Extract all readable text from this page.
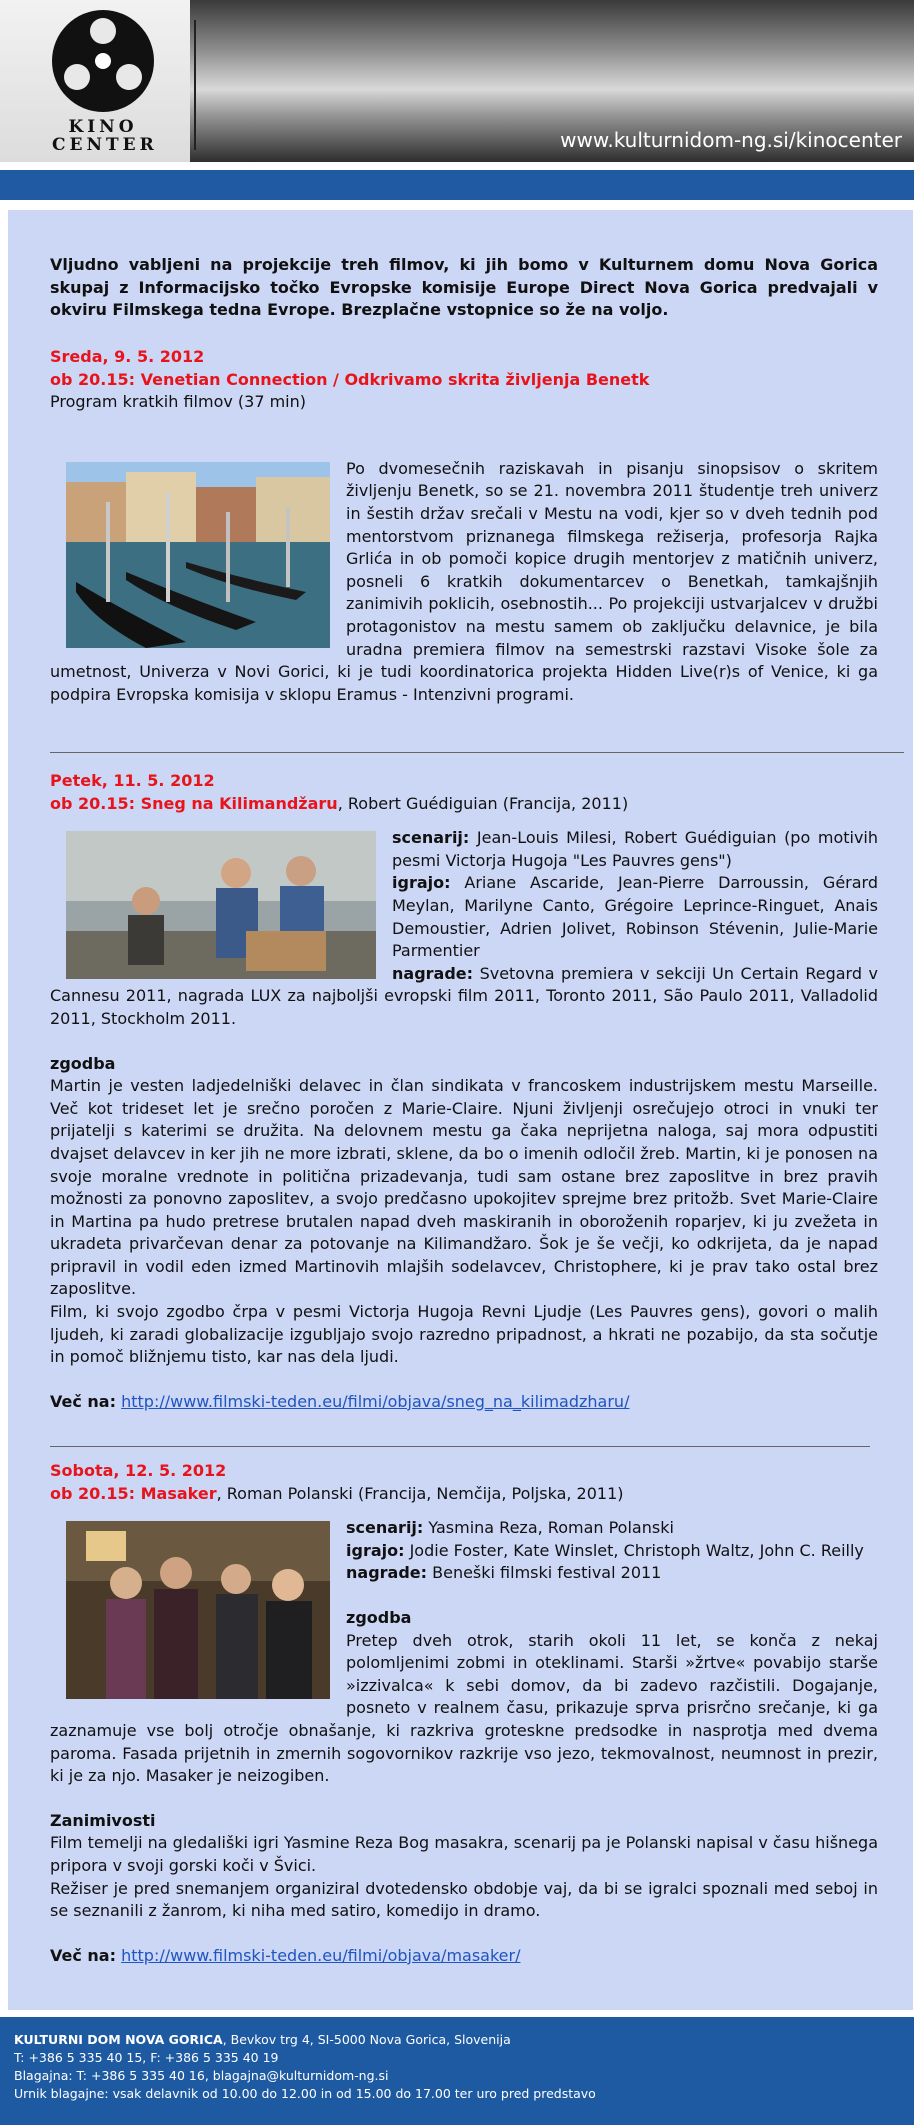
KINO
CENTER	www.kulturnidom-ng.si/kinocenter
Vljudno vabljeni na projekcije treh filmov, ki jih bomo v Kulturnem domu Nova Gorica skupaj z Informacijsko točko Evropske komisije Europe Direct Nova Gorica predvajali v okviru Filmskega tedna Evrope. Brezplačne vstopnice so že na voljo.
Sreda, 9. 5. 2012
ob 20.15: Venetian Connection / Odkrivamo skrita življenja Benetk
Program kratkih filmov (37 min)
Po dvomesečnih raziskavah in pisanju sinopsisov o skritem življenju Benetk, so se 21. novembra 2011 študentje treh univerz in šestih držav srečali v Mestu na vodi, kjer so v dveh tednih pod mentorstvom priznanega filmskega režiserja, profesorja Rajka Grlića in ob pomoči kopice drugih mentorjev z matičnih univerz, posneli 6 kratkih dokumentarcev o Benetkah, tamkajšnjih zanimivih poklicih, osebnostih... Po projekciji ustvarjalcev v družbi protagonistov na mestu samem ob zaključku delavnice, je bila uradna premiera filmov na semestrski razstavi Visoke šole za umetnost, Univerza v Novi Gorici, ki je tudi koordinatorica projekta Hidden Live(r)s of Venice, ki ga podpira Evropska komisija v sklopu Eramus - Intenzivni programi.
Petek, 11. 5. 2012
ob 20.15: Sneg na Kilimandžaru, Robert Guédiguian (Francija, 2011)

scenarij: Jean-Louis Milesi, Robert Guédiguian (po motivih pesmi Victorja Hugoja "Les Pauvres gens")

igrajo: Ariane Ascaride, Jean-Pierre Darroussin, Gérard Meylan, Marilyne Canto, Grégoire Leprince-Ringuet, Anais Demoustier, Adrien Jolivet, Robinson Stévenin, Julie-Marie Parmentier

nagrade: Svetovna premiera v sekciji Un Certain Regard v Cannesu 2011, nagrada LUX za najboljši evropski film 2011, Toronto 2011, São Paulo 2011, Valladolid 2011, Stockholm 2011.

zgodba

Martin je vesten ladjedelniški delavec in član sindikata v francoskem industrijskem mestu Marseille. Več kot trideset let je srečno poročen z Marie-Claire. Njuni življenji osrečujejo otroci in vnuki ter prijatelji s katerimi se družita. Na delovnem mestu ga čaka neprijetna naloga, saj mora odpustiti dvajset delavcev in ker jih ne more izbrati, sklene, da bo o imenih odločil žreb. Martin, ki je ponosen na svoje moralne vrednote in politična prizadevanja, tudi sam ostane brez zaposlitve in brez pravih možnosti za ponovno zaposlitev, a svojo predčasno upokojitev sprejme brez pritožb. Svet Marie-Claire in Martina pa hudo pretrese brutalen napad dveh maskiranih in oboroženih roparjev, ki ju zvežeta in ukradeta privarčevan denar za potovanje na Kilimandžaro. Šok je še večji, ko odkrijeta, da je napad pripravil in vodil eden izmed Martinovih mlajših sodelavcev, Christophere, ki je prav tako ostal brez zaposlitve.

Film, ki svojo zgodbo črpa v pesmi Victorja Hugoja Revni Ljudje (Les Pauvres gens), govori o malih ljudeh, ki zaradi globalizacije izgubljajo svojo razredno pripadnost, a hkrati ne pozabijo, da sta sočutje in pomoč bližnjemu tisto, kar nas dela ljudi.

Več na: http://www.filmski-teden.eu/filmi/objava/sneg_na_kilimadzharu/

Sobota, 12. 5. 2012
ob 20.15: Masaker, Roman Polanski (Francija, Nemčija, Poljska, 2011)

scenarij: Yasmina Reza, Roman Polanski

igrajo: Jodie Foster, Kate Winslet, Christoph Waltz, John C. Reilly

nagrade: Beneški filmski festival 2011

zgodba

Pretep dveh otrok, starih okoli 11 let, se konča z nekaj polomljenimi zobmi in oteklinami. Starši »žrtve« povabijo starše »izzivalca« k sebi domov, da bi zadevo razčistili. Dogajanje, posneto v realnem času, prikazuje sprva prisrčno srečanje, ki ga zaznamuje vse bolj otročje obnašanje, ki razkriva groteskne predsodke in nasprotja med dvema paroma. Fasada prijetnih in zmernih sogovornikov razkrije vso jezo, tekmovalnost, neumnost in prezir, ki je za njo. Masaker je neizogiben.

Zanimivosti

Film temelji na gledališki igri Yasmine Reza Bog masakra, scenarij pa je Polanski napisal v času hišnega pripora v svoji gorski koči v Švici.

Režiser je pred snemanjem organiziral dvotedensko obdobje vaj, da bi se igralci spoznali med seboj in se seznanili z žanrom, ki niha med satiro, komedijo in dramo.

Več na: http://www.filmski-teden.eu/filmi/objava/masaker/

KULTURNI DOM NOVA GORICA, Bevkov trg 4, SI-5000 Nova Gorica, Slovenija
T: +386 5 335 40 15, F: +386 5 335 40 19
Blagajna: T: +386 5 335 40 16, blagajna@kulturnidom-ng.si
Urnik blagajne: vsak delavnik od 10.00 do 12.00 in od 15.00 do 17.00 ter uro pred predstavo
